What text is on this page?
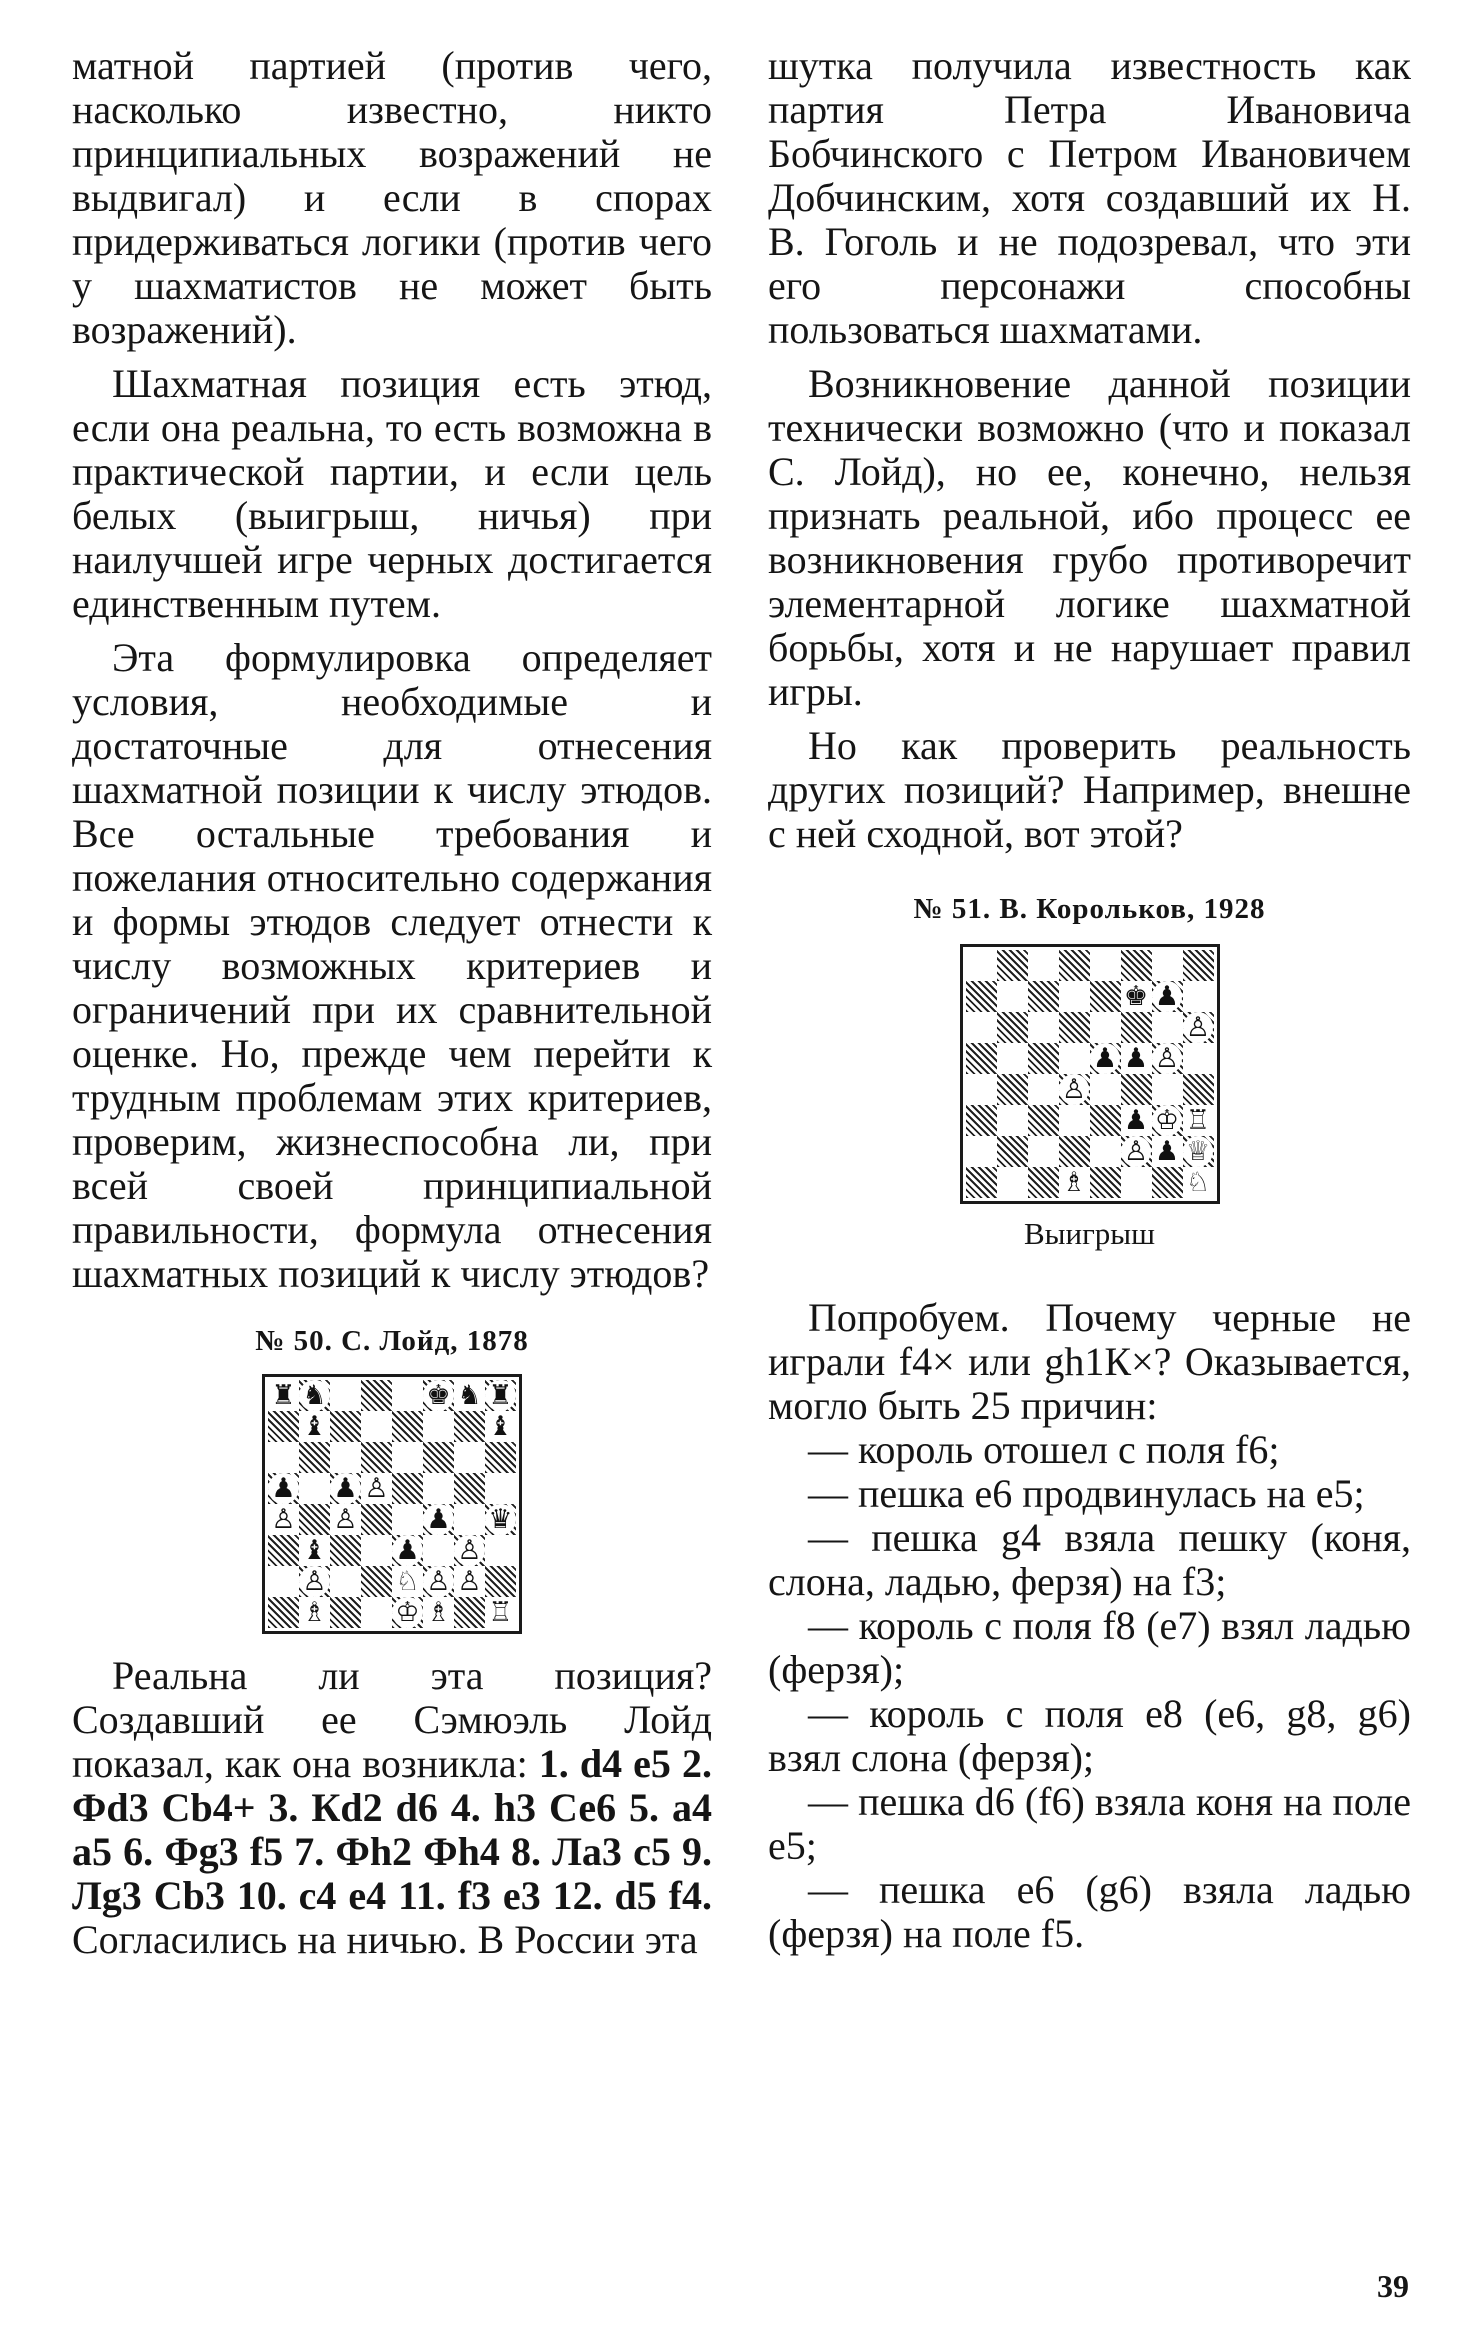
матной партией (против чего, насколько известно, никто принципиальных возражений не выдвигал) и если в спорах придерживаться логики (против чего у шахматистов не может быть возражений).

Шахматная позиция есть этюд, если она реальна, то есть возможна в практической партии, и если цель белых (выигрыш, ничья) при наилучшей игре черных достигается единственным путем.

Эта формулировка определяет условия, необходимые и достаточные для отнесения шахматной позиции к числу этюдов. Все остальные требования и пожелания относительно содержания и формы этюдов следует отнести к числу возможных критериев и ограничений при их сравнительной оценке. Но, прежде чем перейти к трудным проблемам этих критериев, проверим, жизнеспособна ли, при всей своей принципиальной правильности, формула отнесения шахматных позиций к числу этюдов?

№ 50. С. Лойд, 1878
♜	♞				♚	♞	♜
	♝						♝

♟		♟	♙				
♙		♙			♟		♛
	♝			♟		♙	
	♙			♘	♙	♙	
	♗			♔	♗		♖

Реальна ли эта позиция? Создавший ее Сэмюэль Лойд показал, как она возникла: 1. d4 е5 2. Фd3 Сb4+ 3. Кd2 d6 4. h3 Се6 5. а4 а5 6. Фg3 f5 7. Фh2 Фh4 8. Ла3 с5 9. Лg3 Сb3 10. с4 е4 11. f3 е3 12. d5 f4. Согласились на ничью. В России эта

шутка получила известность как партия Петра Ивановича Бобчинского с Петром Ивановичем Добчинским, хотя создавший их Н. В. Гоголь и не подозревал, что эти его персонажи способны пользоваться шахматами.

Возникновение данной позиции технически возможно (что и показал С. Лойд), но ее, конечно, нельзя признать реальной, ибо процесс ее возникновения грубо противоречит элементарной логике шахматной борьбы, хотя и не нарушает правил игры.

Но как проверить реальность других позиций? Например, внешне с ней сходной, вот этой?

№ 51. В. Корольков, 1928

					♚	♟	
							♙
				♟	♟	♙	
			♙				
					♟	♔	♖
					♙	♟	♕
			♗				♘
Выигрыш

Попробуем. Почему черные не играли f4× или gh1К×? Оказывается, могло быть 25 причин:

— король отошел с поля f6;

— пешка е6 продвинулась на е5;

— пешка g4 взяла пешку (коня, слона, ладью, ферзя) на f3;

— король с поля f8 (е7) взял ладью (ферзя);

— король с поля е8 (е6, g8, g6) взял слона (ферзя);

— пешка d6 (f6) взяла коня на поле е5;

— пешка е6 (g6) взяла ладью (ферзя) на поле f5.

39
